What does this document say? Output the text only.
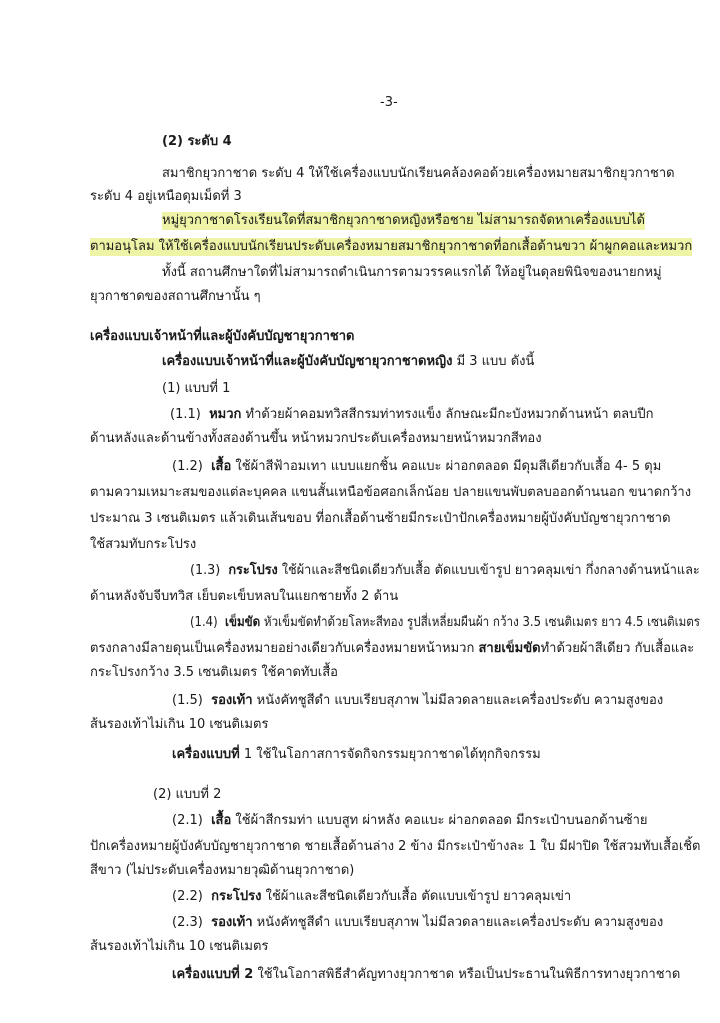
-3-
(2) ระดับ 4
สมาชิกยุวกาชาด ระดับ 4 ให้ใช้เครื่องแบบนักเรียนคล้องคอด้วยเครื่องหมายสมาชิกยุวกาชาด
ระดับ 4 อยู่เหนือดุมเม็ดที่ 3
หมู่ยุวกาชาดโรงเรียนใดที่สมาชิกยุวกาชาดหญิงหรือชาย ไม่สามารถจัดหาเครื่องแบบได้
ตามอนุโลม ให้ใช้เครื่องแบบนักเรียนประดับเครื่องหมายสมาชิกยุวกาชาดที่อกเสื้อด้านขวา ผ้าผูกคอและหมวก
ทั้งนี้ สถานศึกษาใดที่ไม่สามารถดำเนินการตามวรรคแรกได้ ให้อยู่ในดุลยพินิจของนายกหมู่
ยุวกาชาดของสถานศึกษานั้น ๆ
เครื่องแบบเจ้าหน้าที่และผู้บังคับบัญชายุวกาชาด
เครื่องแบบเจ้าหน้าที่และผู้บังคับบัญชายุวกาชาดหญิง มี 3 แบบ ดังนี้
(1) แบบที่ 1
(1.1) หมวก ทำด้วยผ้าคอมทวิสสีกรมท่าทรงแข็ง ลักษณะมีกะบังหมวกด้านหน้า ตลบปีก
ด้านหลังและด้านข้างทั้งสองด้านขึ้น หน้าหมวกประดับเครื่องหมายหน้าหมวกสีทอง
(1.2) เสื้อ ใช้ผ้าสีฟ้าอมเทา แบบแยกชิ้น คอแบะ ผ่าอกตลอด มีดุมสีเดียวกับเสื้อ 4- 5 ดุม
ตามความเหมาะสมของแต่ละบุคคล แขนสั้นเหนือข้อศอกเล็กน้อย ปลายแขนพับตลบออกด้านนอก ขนาดกว้าง
ประมาณ 3 เซนติเมตร แล้วเดินเส้นขอบ ที่อกเสื้อด้านซ้ายมีกระเป๋าปักเครื่องหมายผู้บังคับบัญชายุวกาชาด
ใช้สวมทับกระโปรง
(1.3) กระโปรง ใช้ผ้าและสีชนิดเดียวกับเสื้อ ตัดแบบเข้ารูป ยาวคลุมเข่า กึ่งกลางด้านหน้าและ
ด้านหลังจับจีบทวิส เย็บตะเข็บหลบในแยกชายทั้ง 2 ด้าน
(1.4) เข็มขัด หัวเข็มขัดทำด้วยโลหะสีทอง รูปสี่เหลี่ยมผืนผ้า กว้าง 3.5 เซนติเมตร ยาว 4.5 เซนติเมตร
ตรงกลางมีลายดุนเป็นเครื่องหมายอย่างเดียวกับเครื่องหมายหน้าหมวก สายเข็มขัดทำด้วยผ้าสีเดียว กับเสื้อและ
กระโปรงกว้าง 3.5 เซนติเมตร ใช้คาดทับเสื้อ
(1.5) รองเท้า หนังคัทชูสีดำ แบบเรียบสุภาพ ไม่มีลวดลายและเครื่องประดับ ความสูงของ
ส้นรองเท้าไม่เกิน 10 เซนติเมตร
เครื่องแบบที่ 1 ใช้ในโอกาสการจัดกิจกรรมยุวกาชาดได้ทุกกิจกรรม
(2) แบบที่ 2
(2.1) เสื้อ ใช้ผ้าสีกรมท่า แบบสูท ผ่าหลัง คอแบะ ผ่าอกตลอด มีกระเป๋าบนอกด้านซ้าย
ปักเครื่องหมายผู้บังคับบัญชายุวกาชาด ชายเสื้อด้านล่าง 2 ข้าง มีกระเป๋าข้างละ 1 ใบ มีฝาปิด ใช้สวมทับเสื้อเชิ้ต
สีขาว (ไม่ประดับเครื่องหมายวุฒิด้านยุวกาชาด)
(2.2) กระโปรง ใช้ผ้าและสีชนิดเดียวกับเสื้อ ตัดแบบเข้ารูป ยาวคลุมเข่า
(2.3) รองเท้า หนังคัทชูสีดำ แบบเรียบสุภาพ ไม่มีลวดลายและเครื่องประดับ ความสูงของ
ส้นรองเท้าไม่เกิน 10 เซนติเมตร
เครื่องแบบที่ 2 ใช้ในโอกาสพิธีสำคัญทางยุวกาชาด หรือเป็นประธานในพิธีการทางยุวกาชาด
